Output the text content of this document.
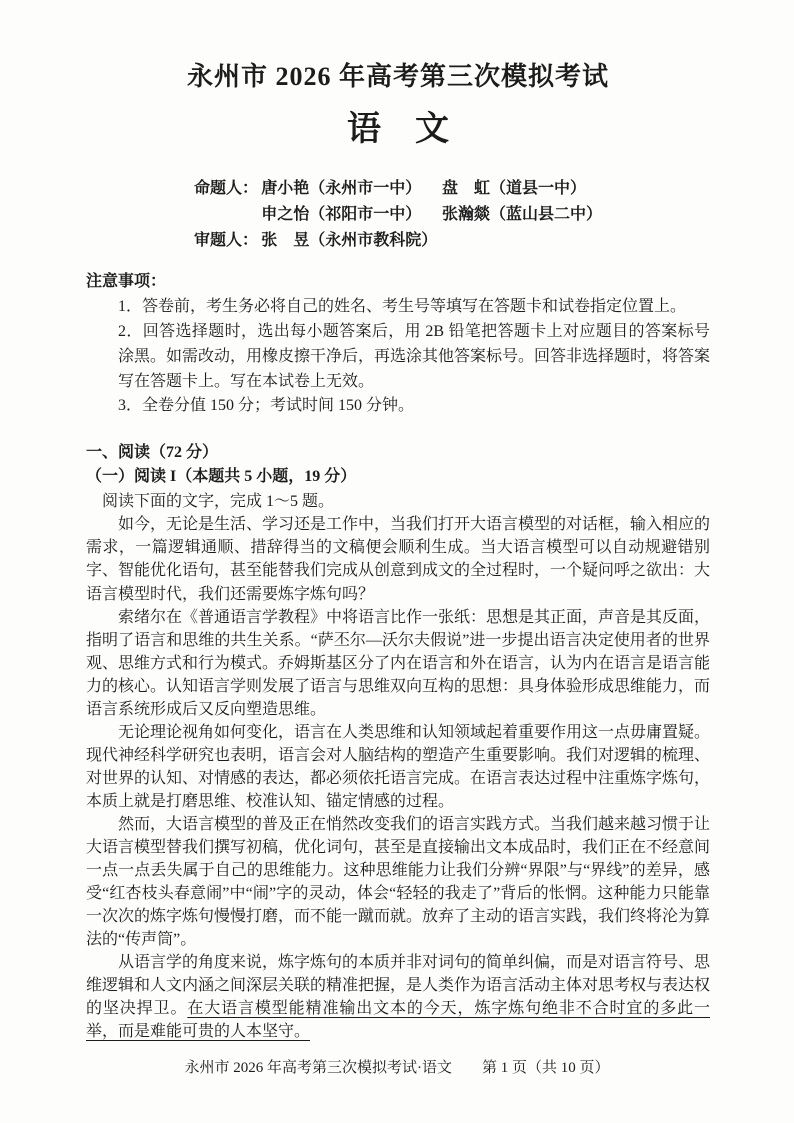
永州市 2026 年高考第三次模拟考试
语　文
命题人： 唐小艳（永州市一中）	盘　虹（道县一中）
申之怡（祁阳市一中）	张瀚燚（蓝山县二中）
审题人： 张　昱（永州市教科院）
注意事项：

1．答卷前，考生务必将自己的姓名、考生号等填写在答题卡和试卷指定位置上。

2．回答选择题时，选出每小题答案后，用 2B 铅笔把答题卡上对应题目的答案标号涂黑。如需改动，用橡皮擦干净后，再选涂其他答案标号。回答非选择题时，将答案写在答题卡上。写在本试卷上无效。

3．全卷分值 150 分；考试时间 150 分钟。

一、阅读（72 分）
（一）阅读 I（本题共 5 小题，19 分）

阅读下面的文字，完成 1～5 题。

如今，无论是生活、学习还是工作中，当我们打开大语言模型的对话框，输入相应的需求，一篇逻辑通顺、措辞得当的文稿便会顺利生成。当大语言模型可以自动规避错别字、智能优化语句，甚至能替我们完成从创意到成文的全过程时，一个疑问呼之欲出：大语言模型时代，我们还需要炼字炼句吗？

索绪尔在《普通语言学教程》中将语言比作一张纸：思想是其正面，声音是其反面，指明了语言和思维的共生关系。“萨丕尔—沃尔夫假说”进一步提出语言决定使用者的世界观、思维方式和行为模式。乔姆斯基区分了内在语言和外在语言，认为内在语言是语言能力的核心。认知语言学则发展了语言与思维双向互构的思想：具身体验形成思维能力，而语言系统形成后又反向塑造思维。

无论理论视角如何变化，语言在人类思维和认知领域起着重要作用这一点毋庸置疑。现代神经科学研究也表明，语言会对人脑结构的塑造产生重要影响。我们对逻辑的梳理、对世界的认知、对情感的表达，都必须依托语言完成。在语言表达过程中注重炼字炼句，本质上就是打磨思维、校准认知、锚定情感的过程。

然而，大语言模型的普及正在悄然改变我们的语言实践方式。当我们越来越习惯于让大语言模型替我们撰写初稿，优化词句，甚至是直接输出文本成品时，我们正在不经意间一点一点丢失属于自己的思维能力。这种思维能力让我们分辨“界限”与“界线”的差异，感受“红杏枝头春意闹”中“闹”字的灵动，体会“轻轻的我走了”背后的怅惘。这种能力只能靠一次次的炼字炼句慢慢打磨，而不能一蹴而就。放弃了主动的语言实践，我们终将沦为算法的“传声筒”。

从语言学的角度来说，炼字炼句的本质并非对词句的简单纠偏，而是对语言符号、思维逻辑和人文内涵之间深层关联的精准把握，是人类作为语言活动主体对思考权与表达权的坚决捍卫。在大语言模型能精准输出文本的今天，炼字炼句绝非不合时宜的多此一举，而是难能可贵的人本坚守。

永州市 2026 年高考第三次模拟考试·语文　　第 1 页（共 10 页）
